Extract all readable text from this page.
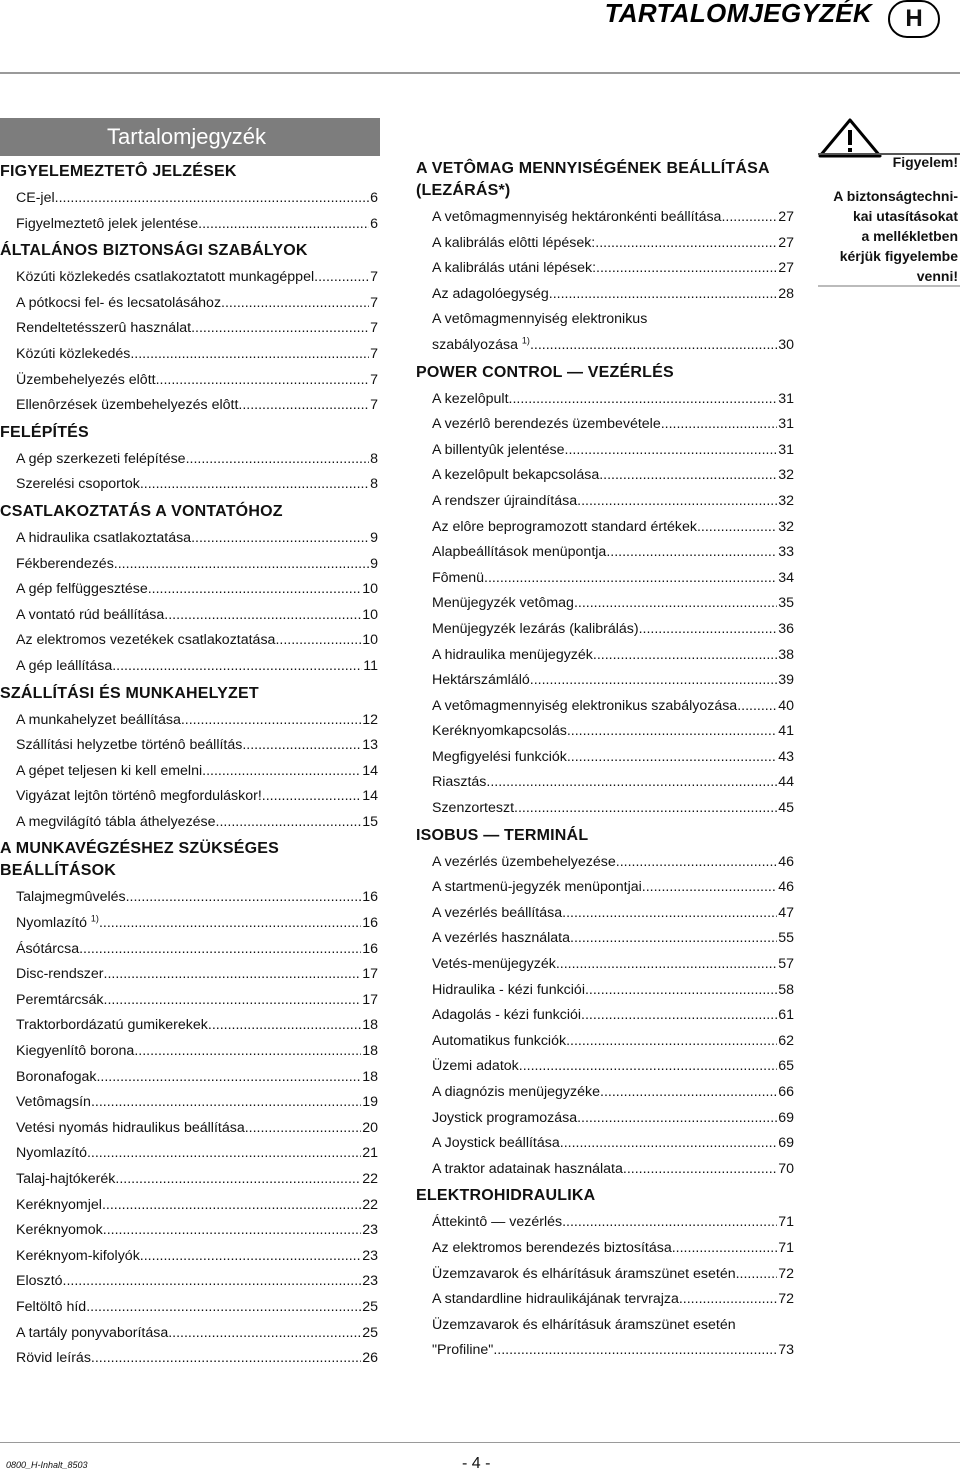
TARTALOMJEGYZÉK	H
Tartalomjegyzék
FIGYELEMEZTETÔ JELZÉSEK
CE-jel .....	6
Figyelmeztetô jelek jelentése .....	6
ÁLTALÁNOS BIZTONSÁGI SZABÁLYOK
Közúti közlekedés csatlakoztatott munkagéppel .....	7
A pótkocsi fel- és lecsatolásához .....	7
Rendeltetésszerû használat .....	7
Közúti közlekedés .....	7
Üzembehelyezés elôtt .....	7
Ellenôrzések üzembehelyezés elôtt .....	7
FELÉPÍTÉS
A gép szerkezeti felépítése .....	8
Szerelési csoportok .....	8
CSATLAKOZTATÁS A VONTATÓHOZ
A hidraulika csatlakoztatása .....	9
Fékberendezés .....	9
A gép felfüggesztése .....	10
A vontató rúd beállítása .....	10
Az elektromos vezetékek csatlakoztatása .....	10
A gép leállítása .....	11
SZÁLLÍTÁSI ÉS MUNKAHELYZET
A munkahelyzet beállítása .....	12
Szállítási helyzetbe történô beállítás .....	13
A gépet teljesen ki kell emelni .....	14
Vigyázat lejtôn történô megforduláskor! .....	14
A megvilágító tábla áthelyezése .....	15
A MUNKAVÉGZÉSHEZ SZÜKSÉGES
BEÁLLÍTÁSOK
Talajmegmûvelés .....	16
Nyomlazító $^{1)}$ .....	16
Ásótárcsa .....	16
Disc-rendszer .....	17
Peremtárcsák .....	17
Traktorbordázatú gumikerekek .....	18
Kiegyenlítô borona .....	18
Boronafogak .....	18
Vetômagsín .....	19
Vetési nyomás hidraulikus beállítása .....	20
Nyomlazító .....	21
Talaj-hajtókerék .....	22
Keréknyomjel .....	22
Keréknyomok .....	23
Keréknyom-kifolyók .....	23
Elosztó .....	23
Feltöltô híd .....	25
A tartály ponyvaborítása .....	25
Rövid leírás .....	26
A VETÔMAG MENNYISÉGÉNEK BEÁLLÍTÁSA
(LEZÁRÁS*)
A vetômagmennyiség hektáronkénti beállítása .....	27
A kalibrálás elôtti lépések: .....	27
A kalibrálás utáni lépések: .....	27
Az adagolóegység .....	28
A vetômagmennyiség elektronikus
szabályozása $^{1)}$ .....	30
POWER CONTROL — VEZÉRLÉS
A kezelôpult .....	31
A vezérlô berendezés üzembevétele .....	31
A billentyûk jelentése .....	31
A kezelôpult bekapcsolása .....	32
A rendszer újraindítása .....	32
Az elôre beprogramozott standard értékek .....	32
Alapbeállítások menüpontja .....	33
Fômenü .....	34
Menüjegyzék vetômag .....	35
Menüjegyzék lezárás (kalibrálás) .....	36
A hidraulika menüjegyzék .....	38
Hektárszámláló .....	39
A vetômagmennyiség elektronikus szabályozása .....	40
Keréknyomkapcsolás .....	41
Megfigyelési funkciók .....	43
Riasztás .....	44
Szenzorteszt .....	45
ISOBUS — TERMINÁL
A vezérlés üzembehelyezése .....	46
A startmenü-jegyzék menüpontjai .....	46
A vezérlés beállítása .....	47
A vezérlés használata .....	55
Vetés-menüjegyzék .....	57
Hidraulika - kézi funkciói .....	58
Adagolás - kézi funkciói .....	61
Automatikus funkciók .....	62
Üzemi adatok .....	65
A diagnózis menüjegyzéke .....	66
Joystick programozása .....	69
A Joystick beállítása .....	69
A traktor adatainak használata .....	70
ELEKTROHIDRAULIKA
Áttekintô — vezérlés .....	71
Az elektromos berendezés biztosítása .....	71
Üzemzavarok és elhárításuk áramszünet esetén .....	72
A standardline hidraulikájának tervrajza .....	72
Üzemzavarok és elhárításuk áramszünet esetén
"Profiline" .....	73
Figyelem!
A biztonságtechni-
kai utasításokat
a mellékletben
kérjük figyelembe
venni!
0800_H-Inhalt_8503	- 4 -
